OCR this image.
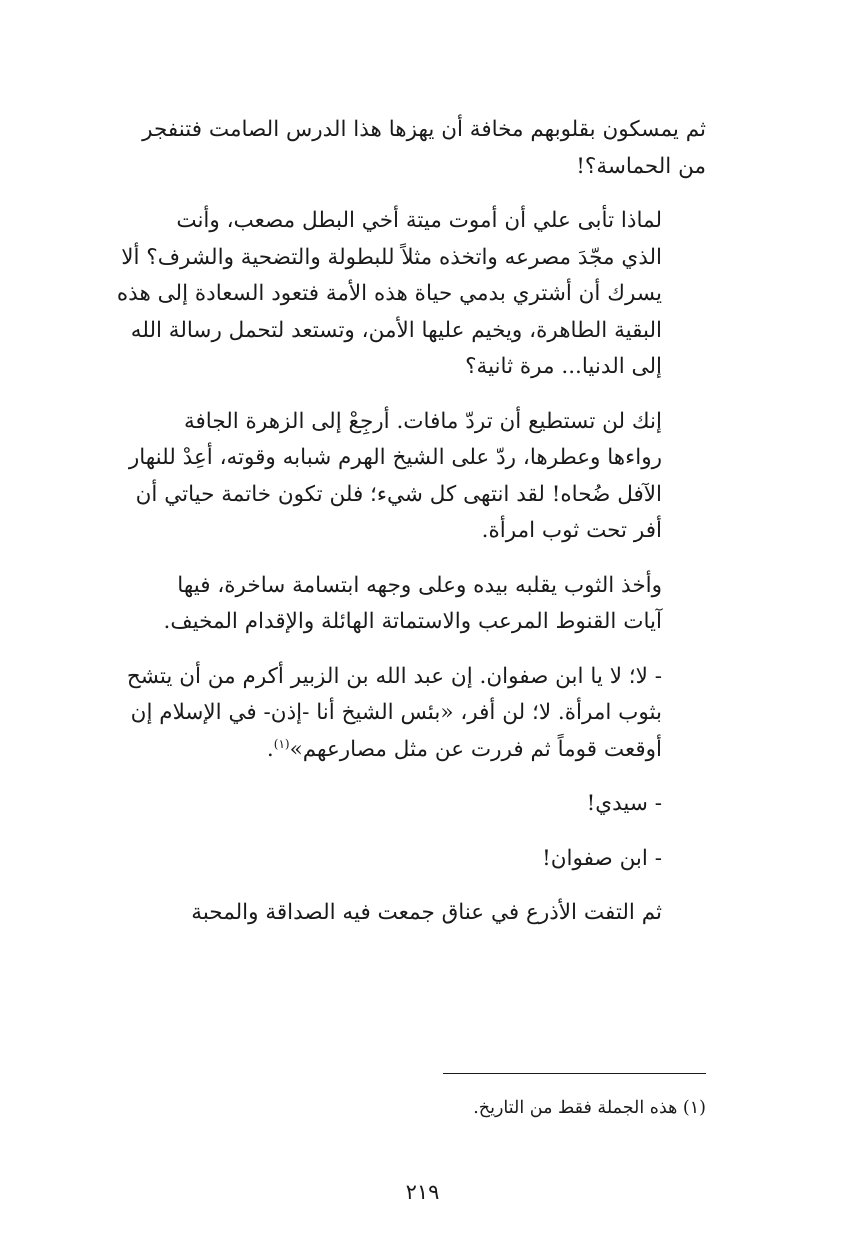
ثم يمسكون بقلوبهم مخافة أن يهزها هذا الدرس الصامت فتنفجر
من الحماسة؟!

لماذا تأبى علي أن أموت ميتة أخي البطل مصعب، وأنت
الذي مجّدَ مصرعه واتخذه مثلاً للبطولة والتضحية والشرف؟ ألا
يسرك أن أشتري بدمي حياة هذه الأمة فتعود السعادة إلى هذه
البقية الطاهرة، ويخيم عليها الأمن، وتستعد لتحمل رسالة الله
إلى الدنيا... مرة ثانية؟

إنك لن تستطيع أن تردّ مافات. أرجِعْ إلى الزهرة الجافة
رواءها وعطرها، ردّ على الشيخ الهرم شبابه وقوته، أعِدْ للنهار
الآفل ضُحاه! لقد انتهى كل شيء؛ فلن تكون خاتمة حياتي أن
أفر تحت ثوب امرأة.

وأخذ الثوب يقلبه بيده وعلى وجهه ابتسامة ساخرة، فيها
آيات القنوط المرعب والاستماتة الهائلة والإقدام المخيف.

- لا؛ لا يا ابن صفوان. إن عبد الله بن الزبير أكرم من أن يتشح
بثوب امرأة. لا؛ لن أفر، «بئس الشيخ أنا -إذن- في الإسلام إن
أوقعت قوماً ثم فررت عن مثل مصارعهم»$^{(١)}$.

- سيدي!

- ابن صفوان!

ثم التفت الأذرع في عناق جمعت فيه الصداقة والمحبة

(١) هذه الجملة فقط من التاريخ.
٢١٩
